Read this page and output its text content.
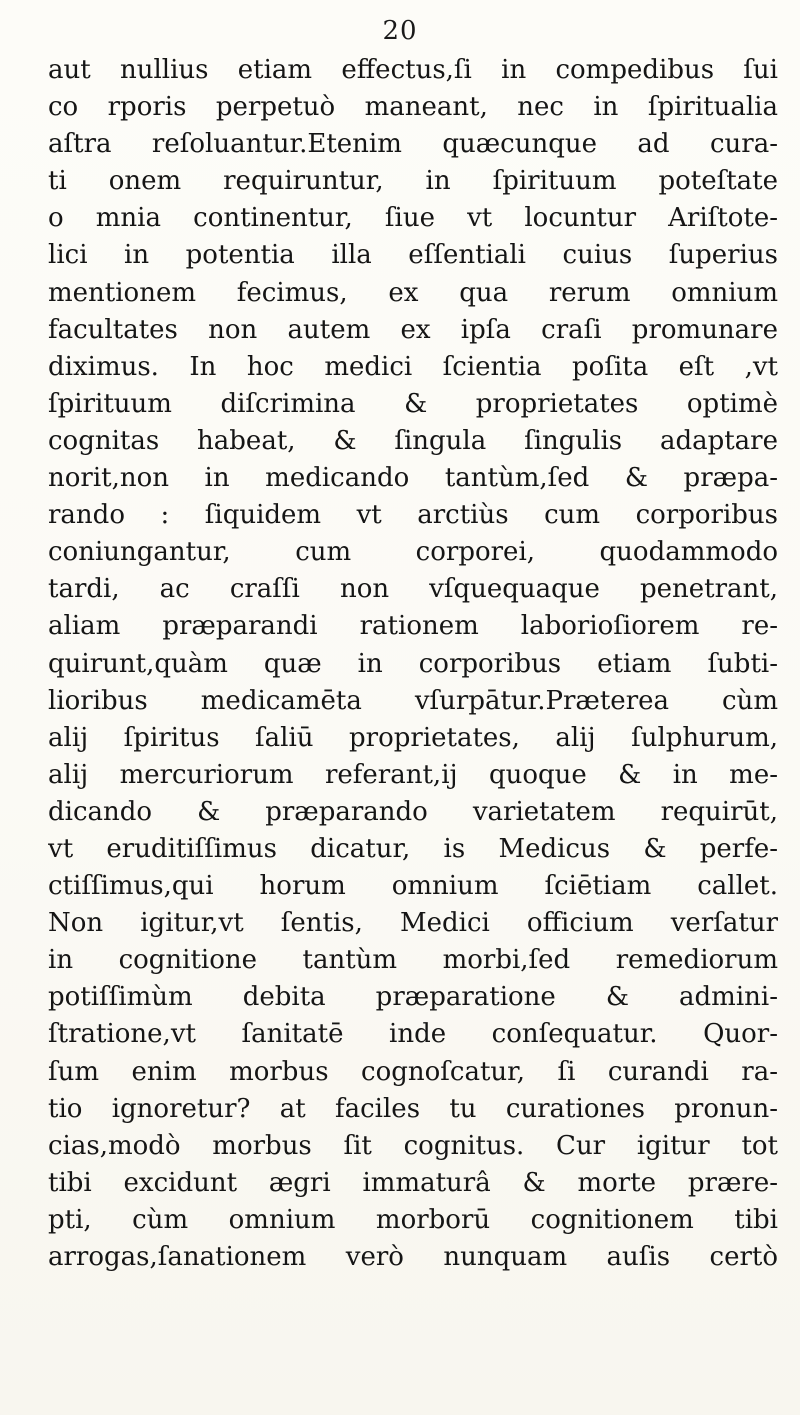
20
aut nullius etiam effectus,ſi in compedibus ſui
co rporis perpetuò maneant, nec in ſpiritualia
aſtra reſoluantur.Etenim quæcunque ad cura-
ti onem requiruntur, in ſpirituum poteſtate
o mnia continentur, ſiue vt locuntur Ariſtote-
lici in potentia illa eſſentiali cuius ſuperius
mentionem fecimus, ex qua rerum omnium
facultates non autem ex ipſa craſi promunare
diximus. In hoc medici ſcientia poſita eſt ,vt
ſpirituum diſcrimina & proprietates optimè
cognitas habeat, & ſingula ſingulis adaptare
norit,non in medicando tantùm,ſed & præpa-
rando : ſiquidem vt arctiùs cum corporibus
coniungantur, cum corporei, quodammodo
tardi, ac craſſi non vſquequaque penetrant,
aliam præparandi rationem laborioſiorem re-
quirunt,quàm quæ in corporibus etiam ſubti-
lioribus medicamēta vſurpātur.Præterea cùm
alij ſpiritus ſaliū proprietates, alij ſulphurum,
alij mercuriorum referant,ij quoque & in me-
dicando & præparando varietatem requirūt,
vt eruditiſſimus dicatur, is Medicus & perfe-
ctiſſimus,qui horum omnium ſciētiam callet.
Non igitur,vt ſentis, Medici officium verſatur
in cognitione tantùm morbi,ſed remediorum
potiſſimùm debita præparatione & admini-
ſtratione,vt ſanitatē inde conſequatur. Quor-
ſum enim morbus cognoſcatur, ſi curandi ra-
tio ignoretur? at faciles tu curationes pronun-
cias,modò morbus ſit cognitus. Cur igitur tot
tibi excidunt ægri immaturâ & morte prære-
pti, cùm omnium morborū cognitionem tibi
arrogas,ſanationem verò nunquam auſis certò
